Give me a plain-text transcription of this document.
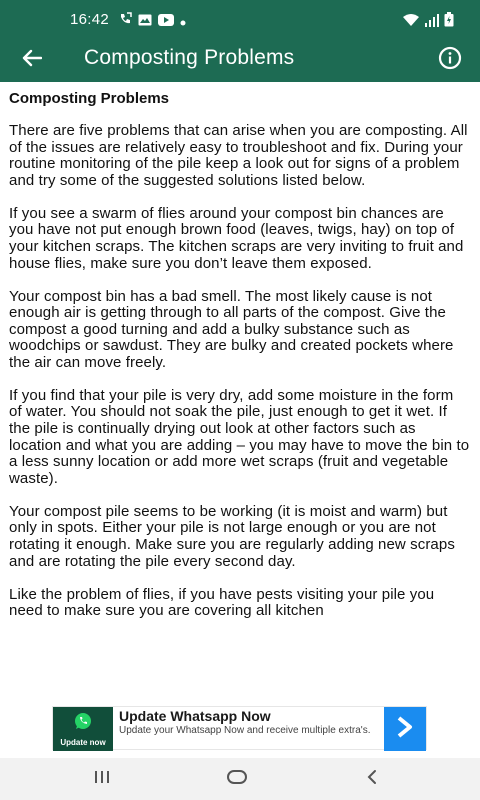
16:42
Composting Problems
Composting Problems

There are five problems that can arise when you are composting. All of the issues are relatively easy to troubleshoot and fix. During your routine monitoring of the pile keep a look out for signs of a problem and try some of the suggested solutions listed below.

If you see a swarm of flies around your compost bin chances are you have not put enough brown food (leaves, twigs, hay) on top of your kitchen scraps. The kitchen scraps are very inviting to fruit and house flies, make sure you don’t leave them exposed.

Your compost bin has a bad smell. The most likely cause is not enough air is getting through to all parts of the compost. Give the compost a good turning and add a bulky substance such as woodchips or sawdust. They are bulky and created pockets where the air can move freely.

If you find that your pile is very dry, add some moisture in the form of water. You should not soak the pile, just enough to get it wet. If the pile is continually drying out look at other factors such as location and what you are adding – you may have to move the bin to a less sunny location or add more wet scraps (fruit and vegetable waste).

Your compost pile seems to be working (it is moist and warm) but only in spots. Either your pile is not large enough or you are not rotating it enough. Make sure you are regularly adding new scraps and are rotating the pile every second day.

Like the problem of flies, if you have pests visiting your pile you need to make sure you are covering all kitchen

Update now
Update Whatsapp Now
Update your Whatsapp Now and receive multiple extra's.
